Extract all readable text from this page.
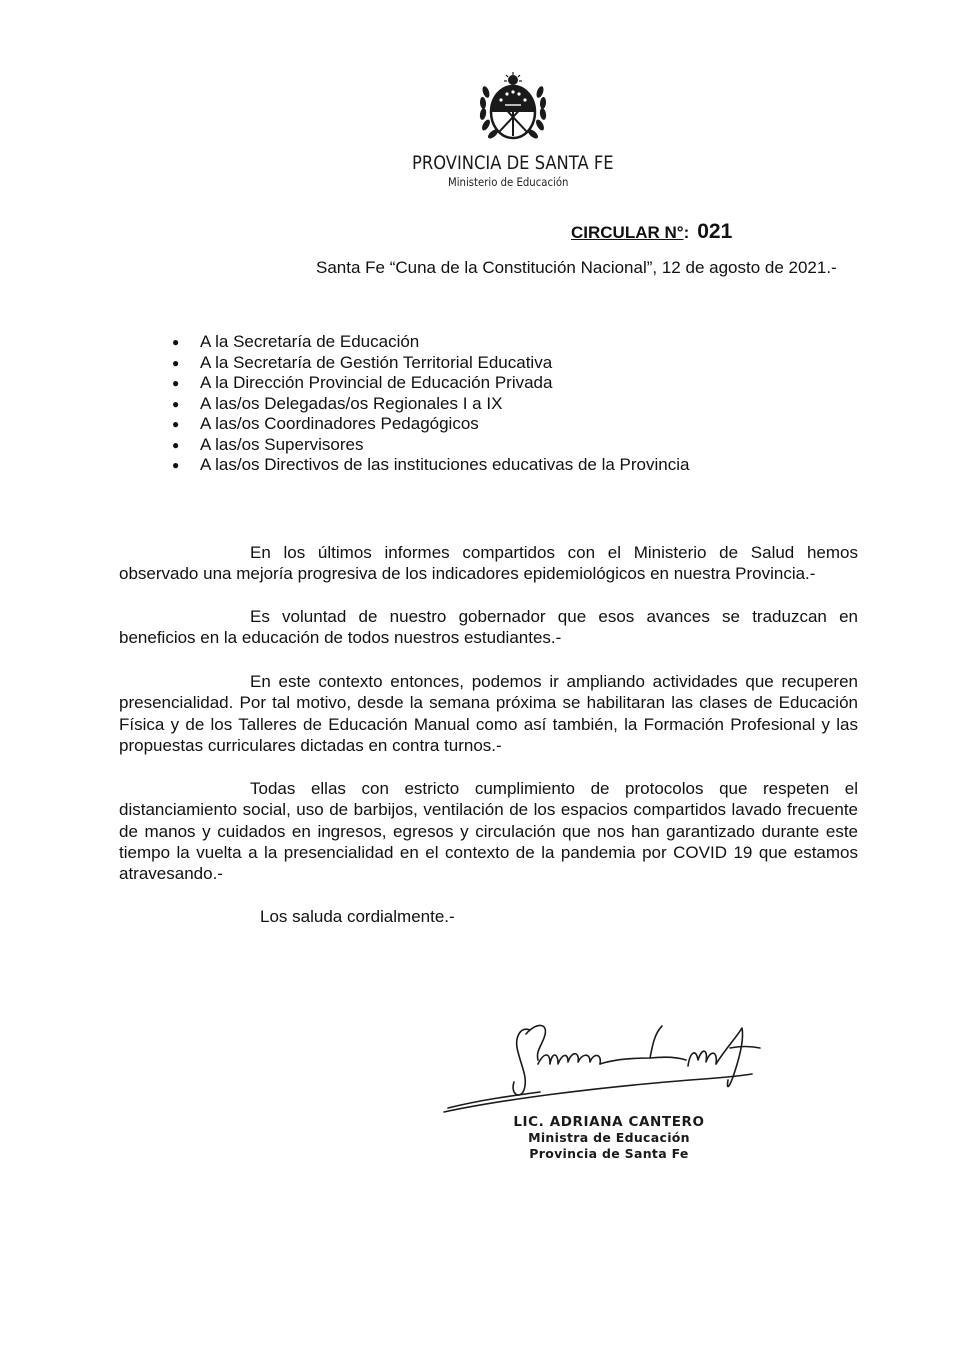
PROVINCIA DE SANTA FE
Ministerio de Educación
CIRCULAR N°: 021
Santa Fe “Cuna de la Constitución Nacional”, 12 de agosto de 2021.-
● A la Secretaría de Educación
● A la Secretaría de Gestión Territorial Educativa
● A la Dirección Provincial de Educación Privada
● A las/os Delegadas/os Regionales I a IX
● A las/os Coordinadores Pedagógicos
● A las/os Supervisores
● A las/os Directivos de las instituciones educativas de la Provincia

En los últimos informes compartidos con el Ministerio de Salud hemos observado una mejoría progresiva de los indicadores epidemiológicos en nuestra Provincia.-

Es voluntad de nuestro gobernador que esos avances se traduzcan en beneficios en la educación de todos nuestros estudiantes.-

En este contexto entonces, podemos ir ampliando actividades que recuperen presencialidad. Por tal motivo, desde la semana próxima se habilitaran las clases de Educación Física y de los Talleres de Educación Manual como así también, la Formación Profesional y las propuestas curriculares dictadas en contra turnos.-

Todas ellas con estricto cumplimiento de protocolos que respeten el distanciamiento social, uso de barbijos, ventilación de los espacios compartidos lavado frecuente de manos y cuidados en ingresos, egresos y circulación que nos han garantizado durante este tiempo la vuelta a la presencialidad en el contexto de la pandemia por COVID 19 que estamos atravesando.-

Los saluda cordialmente.-
LIC. ADRIANA CANTERO
Ministra de Educación
Provincia de Santa Fe
